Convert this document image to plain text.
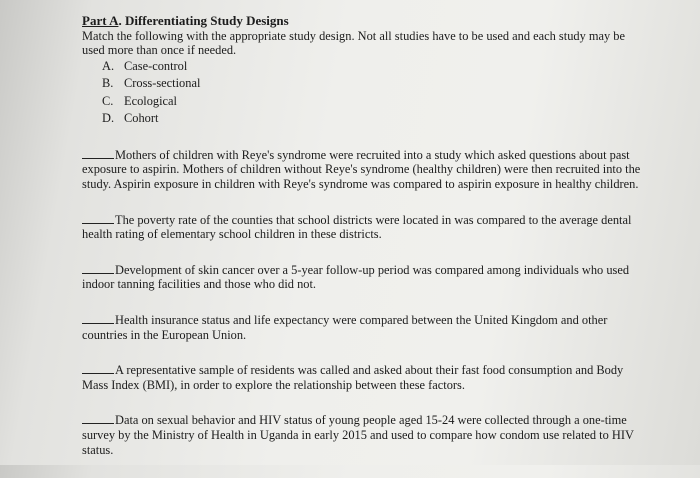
Part A. Differentiating Study Designs

Match the following with the appropriate study design. Not all studies have to be used and each study may be used more than once if needed.

A. Case-control
B. Cross-sectional
C. Ecological
D. Cohort

Mothers of children with Reye's syndrome were recruited into a study which asked questions about past exposure to aspirin. Mothers of children without Reye's syndrome (healthy children) were then recruited into the study. Aspirin exposure in children with Reye's syndrome was compared to aspirin exposure in healthy children.

The poverty rate of the counties that school districts were located in was compared to the average dental health rating of elementary school children in these districts.

Development of skin cancer over a 5-year follow-up period was compared among individuals who used indoor tanning facilities and those who did not.

Health insurance status and life expectancy were compared between the United Kingdom and other countries in the European Union.

A representative sample of residents was called and asked about their fast food consumption and Body Mass Index (BMI), in order to explore the relationship between these factors.

Data on sexual behavior and HIV status of young people aged 15-24 were collected through a one-time survey by the Ministry of Health in Uganda in early 2015 and used to compare how condom use related to HIV status.
